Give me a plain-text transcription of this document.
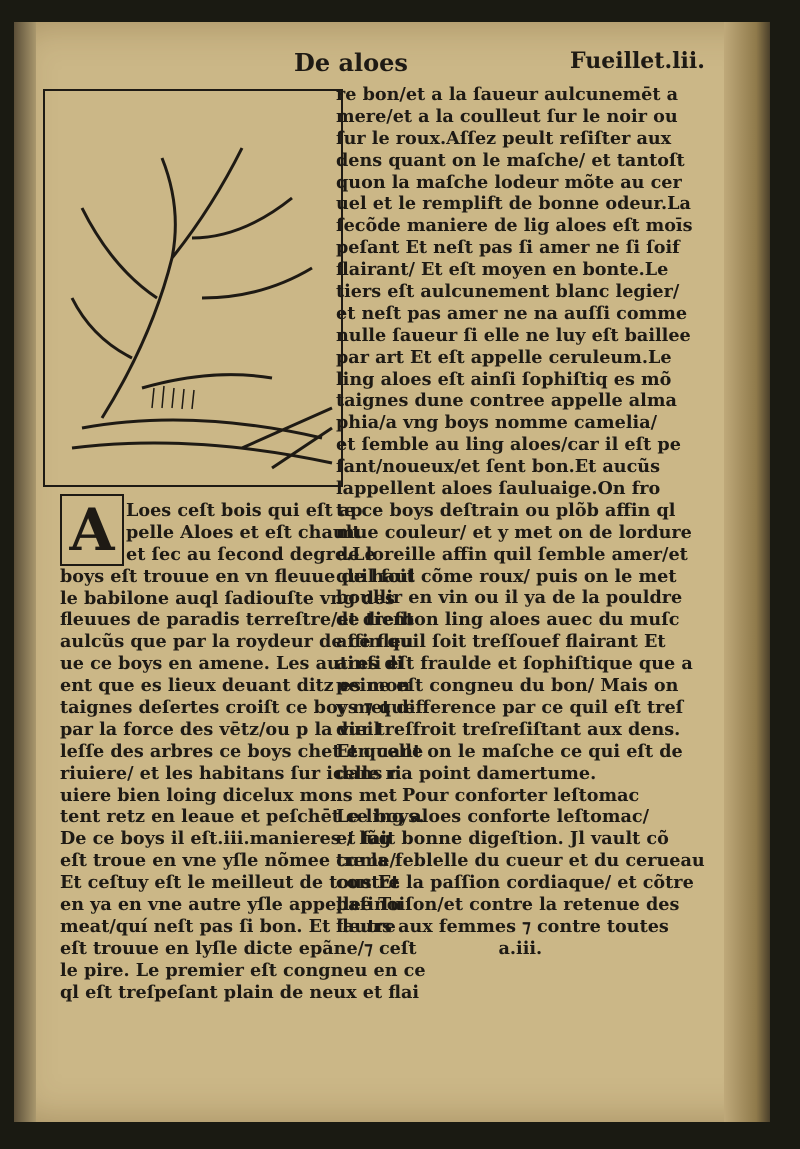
De aloes	Fueillet.lii.
A Loes ceſt bois qui eſt ap
pelle Aloes et eſt chault
et ſec au ſecond degre.Le
boys eſt trouue en vn fleuue de haul
le babilone auql ſadiouſte vng des
fleuues de paradis terreſtre/et dient
aulcũs que par la roydeur de ce fleu
ue ce boys en amene. Les autres di
ent que es lieux deuant ditz es mon
taignes deſertes croiſt ce boys ⁊ que
par la force des vētz/ou p la vieil
leſſe des arbres ce boys chet en celle
riuiere/ et les habitans ſur icelle ri
uiere bien loing dicelux mons met
tent retz en leaue et peſchēt ce boys.
De ce boys il eſt.iii.manieres / lũg
eſt troue en vne yſle nõmee cume/
Et ceſtuy eſt le meilleut de tous Et
en ya en vne autre yſle appellee Tu
meat/quí neſt pas ſi bon. Et lautre
eſt trouue en lyſle dicte epãne/⁊ ceſt
le pire. Le premier eſt congneu en ce
ql eſt treſpeſant plain de neux et flai
re bon/et a la ſaueur aulcunemēt a
mere/et a la coulleut ſur le noir ou
ſur le roux.Aſſez peult reſiſter aux
dens quant on le maſche/ et tantoſt
quon la maſche lodeur mõte au cer
uel et le remplift de bonne odeur.La
ſecõde maniere de lig aloes eſt moīs
peſant Et neſt pas ſi amer ne ſi ſoif
flairant/ Et eſt moyen en bonte.Le
tiers eſt aulcunement blanc legier/
et neſt pas amer ne na auſſi comme
nulle ſaueur ſi elle ne luy eſt baillee
par art Et eſt appelle ceruleum.Le
ling aloes eſt ainſi ſophiſtiq es mõ
taignes dune contree appelle alma
phia/a vng boys nomme camelia/
et ſemble au ling aloes/car il eſt pe
ſant/noueux/et ſent bon.Et aucũs
lappellent aloes ſauluaige.On fro
te ce boys deſtrain ou plõb affin ql
mue couleur/ et y met on de lordure
de loreille affin quil ſemble amer/et
quil ſoit cõme roux/ puis on le met
boullir en vin ou il ya de la pouldre
de treſbon ling aloes auec du muſc
affin quil ſoit treſſouef flairant Et
ainſi eſt fraulde et ſophiſtique que a
peine eſt congneu du bon/ Mais on
y met difference par ce quil eſt treſ
dur treſfroit treſreſiſtant aux dens.
Et quant on le maſche ce qui eſt de
dans na point damertume.
Pour conforter leſtomac
Le ling aloes conforte leſtomac/
et fait bonne digeſtion. Jl vault cõ
tre la feblelle du cueur et du cerueau
contre la paſſion cordiaque/ et cõtre
paſinoiſon/et contre la retenue des
fleurs aux femmes ⁊ contre toutes
a.iii.
